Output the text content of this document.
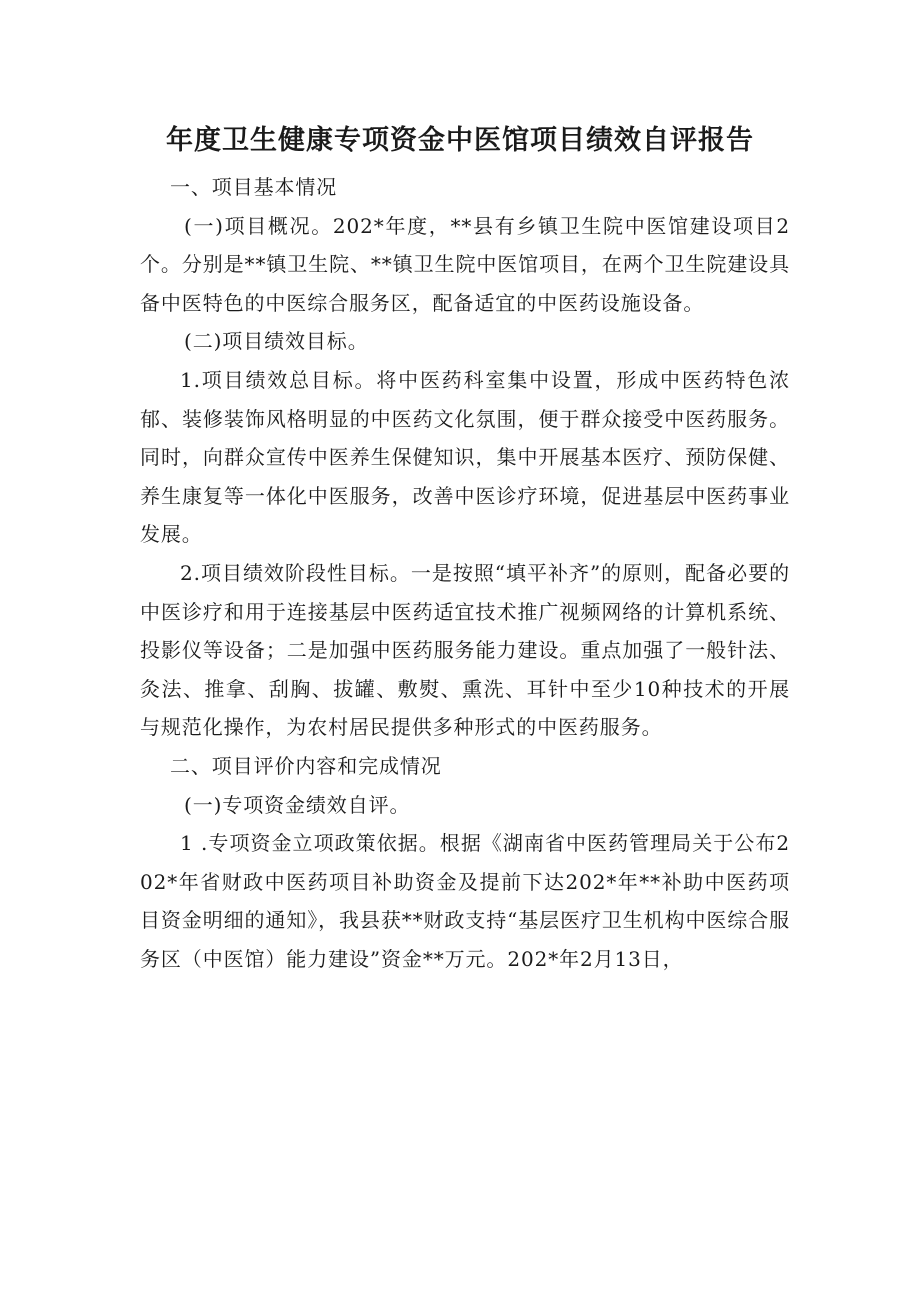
年度卫生健康专项资金中医馆项目绩效自评报告

一、项目基本情况

(一)项目概况。202*年度，**县有乡镇卫生院中医馆建设项目2个。分别是**镇卫生院、**镇卫生院中医馆项目，在两个卫生院建设具备中医特色的中医综合服务区，配备适宜的中医药设施设备。

(二)项目绩效目标。

1.项目绩效总目标。将中医药科室集中设置，形成中医药特色浓郁、装修装饰风格明显的中医药文化氛围，便于群众接受中医药服务。同时，向群众宣传中医养生保健知识，集中开展基本医疗、预防保健、养生康复等一体化中医服务，改善中医诊疗环境，促进基层中医药事业发展。

2.项目绩效阶段性目标。一是按照“填平补齐”的原则，配备必要的中医诊疗和用于连接基层中医药适宜技术推广视频网络的计算机系统、投影仪等设备；二是加强中医药服务能力建设。重点加强了一般针法、灸法、推拿、刮胸、拔罐、敷熨、熏洗、耳针中至少10种技术的开展与规范化操作，为农村居民提供多种形式的中医药服务。

二、项目评价内容和完成情况

(一)专项资金绩效自评。

1 .专项资金立项政策依据。根据《湖南省中医药管理局关于公布202*年省财政中医药项目补助资金及提前下达202*年**补助中医药项目资金明细的通知》，我县获**财政支持“基层医疗卫生机构中医综合服务区（中医馆）能力建设”资金**万元。202*年2月13日，
